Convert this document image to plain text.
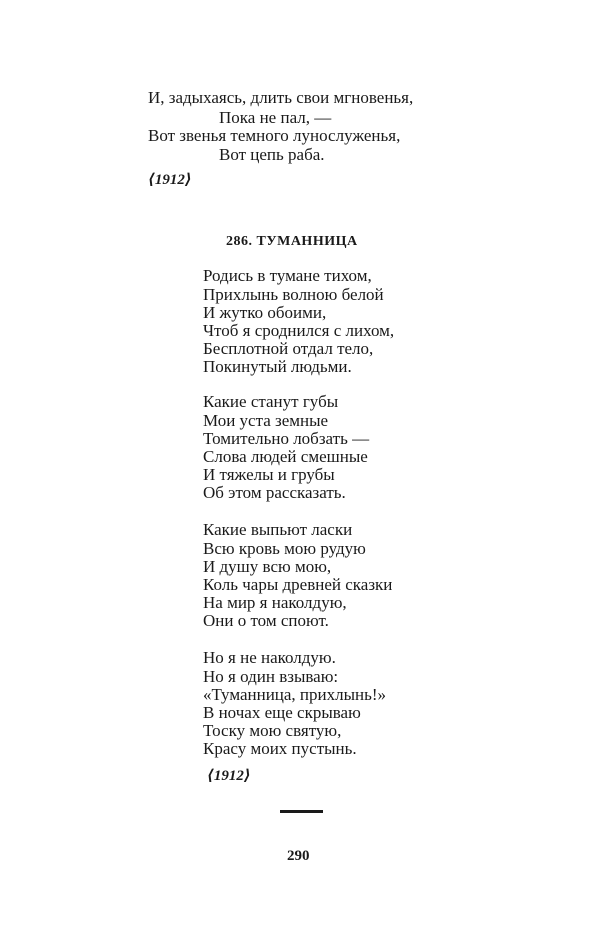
И, задыхаясь, длить свои мгновенья,
Пока не пал, —
Вот звенья темного лунослуженья,
Вот цепь раба.
⟨1912⟩
286. ТУМАННИЦА
Родись в тумане тихом,
Прихлынь волною белой
И жутко обоими,
Чтоб я сроднился с лихом,
Бесплотной отдал тело,
Покинутый людьми.
Какие станут губы
Мои уста земные
Томительно лобзать —
Слова людей смешные
И тяжелы и грубы
Об этом рассказать.
Какие выпьют ласки
Всю кровь мою рудую
И душу всю мою,
Коль чары древней сказки
На мир я наколдую,
Они о том споют.
Но я не наколдую.
Но я один взываю:
«Туманница, прихлынь!»
В ночах еще скрываю
Тоску мою святую,
Красу моих пустынь.
⟨1912⟩
290
